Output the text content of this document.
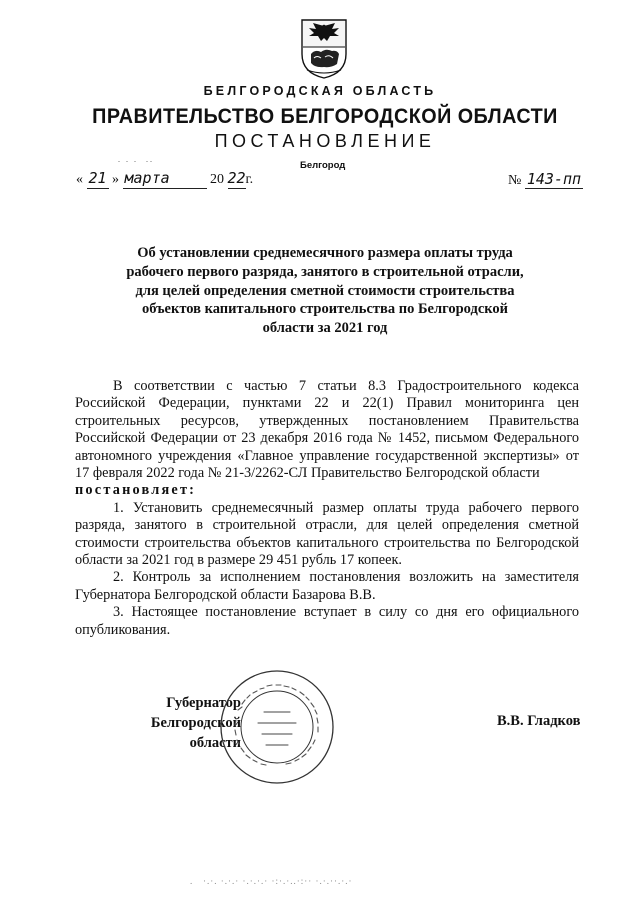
БЕЛГОРОДСКАЯ ОБЛАСТЬ
ПРАВИТЕЛЬСТВО БЕЛГОРОДСКОЙ ОБЛАСТИ
ПОСТАНОВЛЕНИЕ
. . .  ..
Белгород
« 21 » марта	20 22г.	№ 143-пп
Об установлении среднемесячного размера оплаты труда рабочего первого разряда, занятого в строительной отрасли, для целей определения сметной стоимости строительства объектов капитального строительства по Белгородской области за 2021 год

В соответствии с частью 7 статьи 8.3 Градостроительного кодекса Российской Федерации, пунктами 22 и 22(1) Правил мониторинга цен строительных ресурсов, утвержденных постановлением Правительства Российской Федерации от 23 декабря 2016 года № 1452, письмом Федерального автономного учреждения «Главное управление государственной экспертизы» от 17 февраля 2022 года № 21-3/2262-СЛ Правительство Белгородской области

постановляет:

1. Установить среднемесячный размер оплаты труда рабочего первого разряда, занятого в строительной отрасли, для целей определения сметной стоимости строительства объектов капитального строительства по Белгородской области за 2021 год в размере 29 451 рубль 17 копеек.

2. Контроль за исполнением постановления возложить на заместителя Губернатора Белгородской области Базарова В.В.

3. Настоящее постановление вступает в силу со дня его официального опубликования.

Губернатор
Белгородской области
В.В. Гладков
.   ·.·. ·.·.· ·.·.·.· ·:·.·..·:·· ·.·.··.·.·
